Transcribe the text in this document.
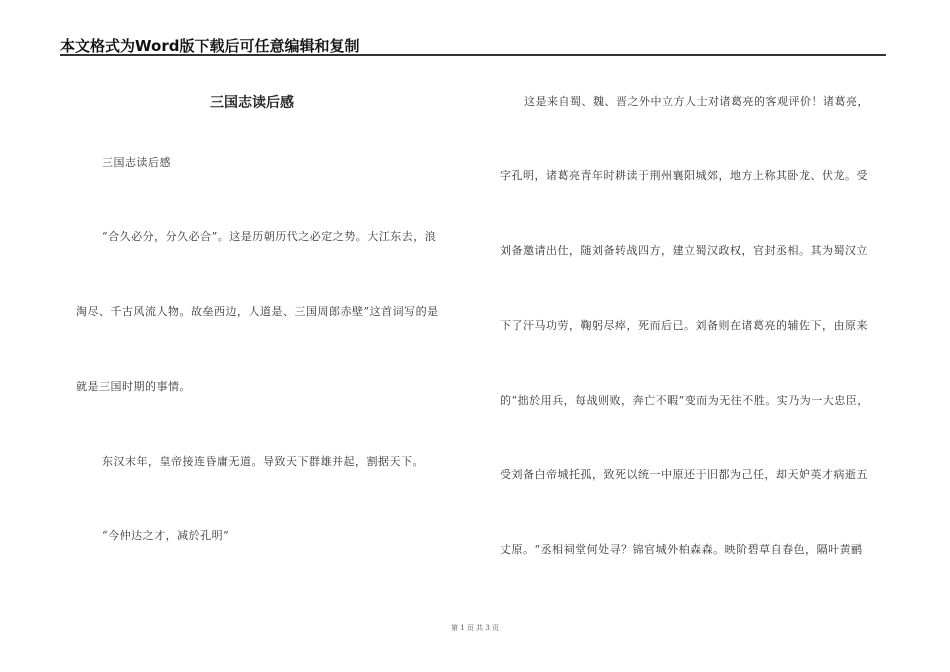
本文格式为Word版下载后可任意编辑和复制
三国志读后感
三国志读后感
“合久必分，分久必合”。这是历朝历代之必定之势。大江东去，浪
淘尽、千古风流人物。故垒西边，人道是、三国周郎赤壁”这首词写的是
就是三国时期的事情。
东汉末年，皇帝接连昏庸无道。导致天下群雄并起，割据天下。
“今仲达之才，减於孔明”
这是来自蜀、魏、晋之外中立方人士对诸葛亮的客观评价！诸葛亮，
字孔明，诸葛亮青年时耕读于荆州襄阳城郊，地方上称其卧龙、伏龙。受
刘备邀请出仕，随刘备转战四方，建立蜀汉政权，官封丞相。其为蜀汉立
下了汗马功劳，鞠躬尽瘁，死而后已。刘备则在诸葛亮的辅佐下，由原来
的“拙於用兵，每战则败，奔亡不暇”变而为无往不胜。实乃为一大忠臣，
受刘备白帝城托孤，致死以统一中原还于旧都为己任，却天妒英才病逝五
丈原。“丞相祠堂何处寻？锦官城外柏森森。映阶碧草自春色，隔叶黄鹂
第 1 页 共 3 页
